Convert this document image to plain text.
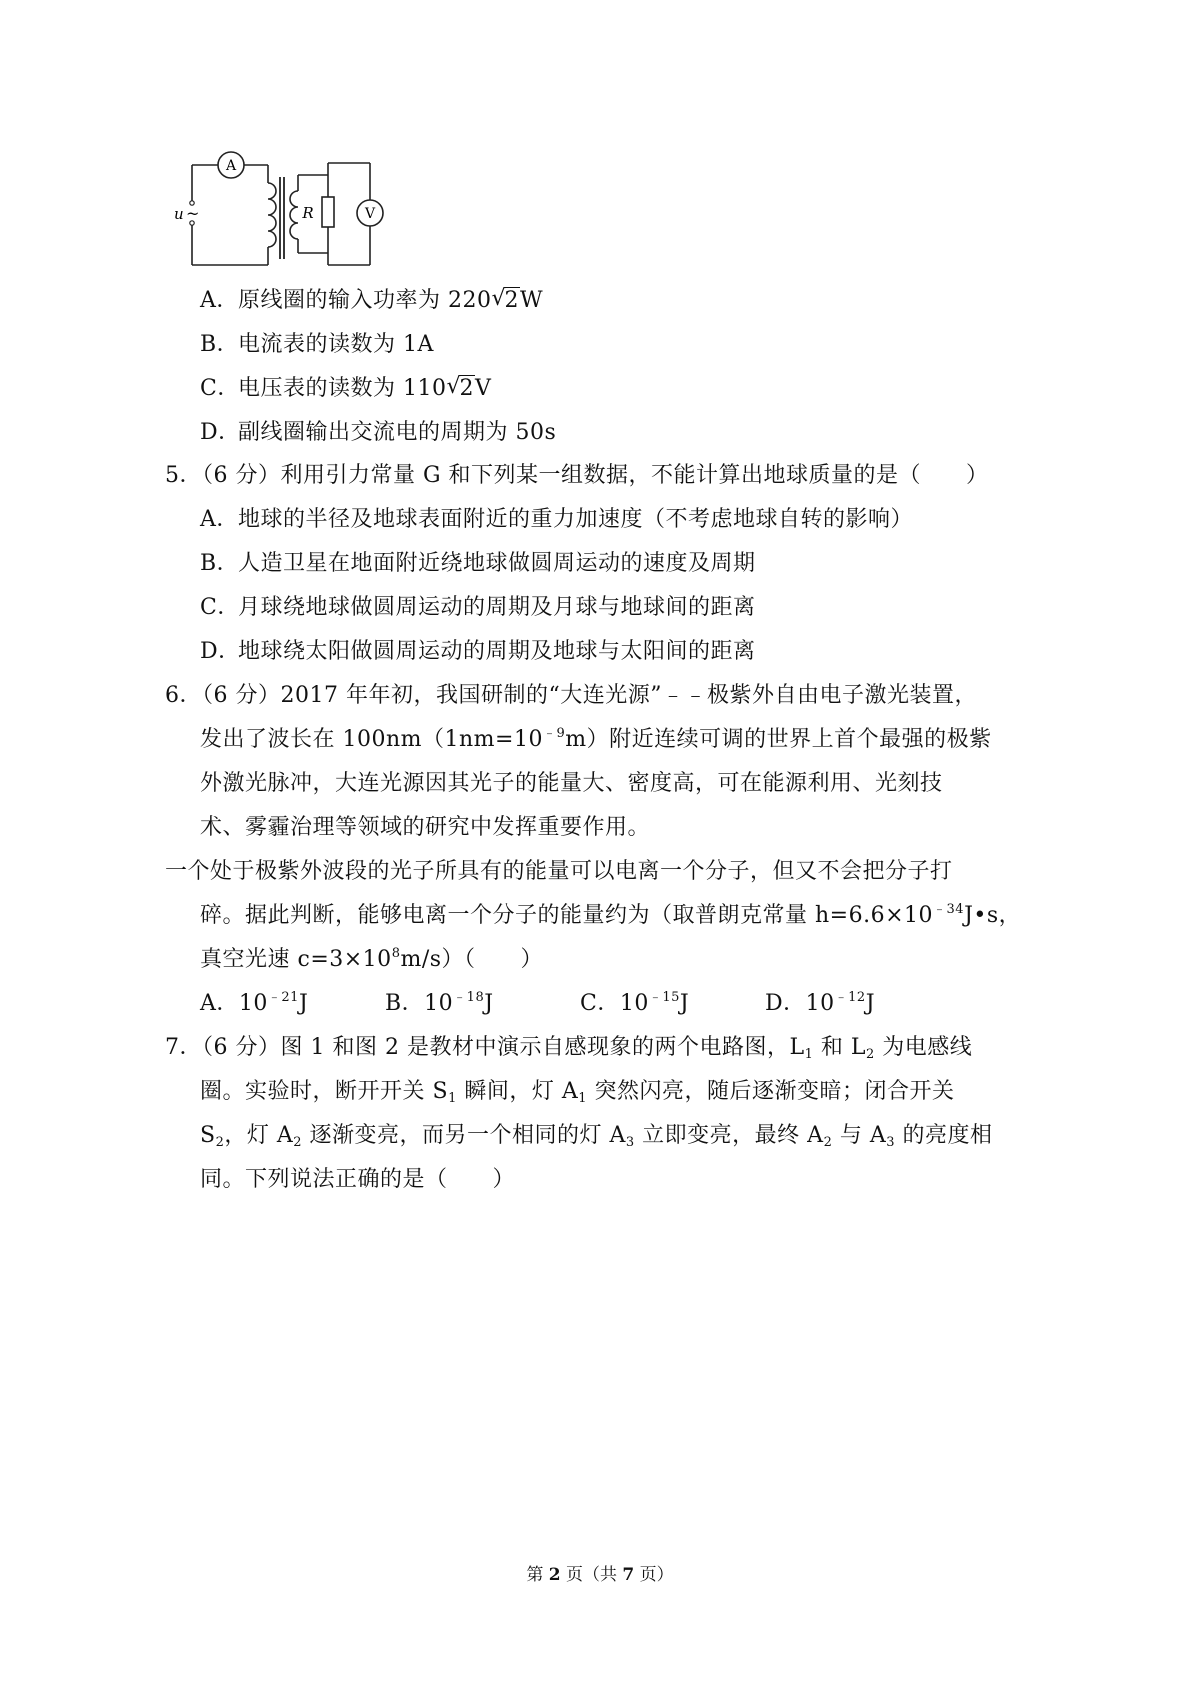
A
V
R
u ~
A．原线圈的输入功率为 220 √
2W
B．电流表的读数为 1A
C．电压表的读数为 110 √
2V
D．副线圈输出交流电的周期为 50s
5．（6 分）利用引力常量 G 和下列某一组数据，不能计算出地球质量的是（　　）
A．地球的半径及地球表面附近的重力加速度（不考虑地球自转的影响）
B．人造卫星在地面附近绕地球做圆周运动的速度及周期
C．月球绕地球做圆周运动的周期及月球与地球间的距离
D．地球绕太阳做圆周运动的周期及地球与太阳间的距离
6．（6 分）2017 年年初，我国研制的“大连光源”﹣﹣极紫外自由电子激光装置，
发出了波长在 $100nm(1nm=10^{﹣9}m)$附近连续可调的世界上首个最强的极紫
外激光脉冲，大连光源因其光子的能量大、密度高，可在能源利用、光刻技
术、雾霾治理等领域的研究中发挥重要作用。
一个处于极紫外波段的光子所具有的能量可以电离一个分子，但又不会把分子打
碎。据此判断，能够电离一个分子的能量约为（取普朗克常量 $h=6.6\times 10^{﹣34}J•s$，
真空光速 $c=3\times 10^8m/s$）（　　）
A．$10^{﹣21}J$	B．$10^{﹣18}J$	C．$10^{﹣15}J$	D．$10^{﹣12}J$
7．（6 分）图 1 和图 2 是教材中演示自感现象的两个电路图，$L_1$ 和 $L_2$ 为电感线
圈。实验时，断开开关 $S_1$ 瞬间，灯 $A_1$ 突然闪亮，随后逐渐变暗；闭合开关
$S_2$，灯 $A_2$ 逐渐变亮，而另一个相同的灯 $A_3$ 立即变亮，最终 $A_2$ 与 $A_3$ 的亮度相
同。下列说法正确的是（　　）
第 2 页（共 7 页）
